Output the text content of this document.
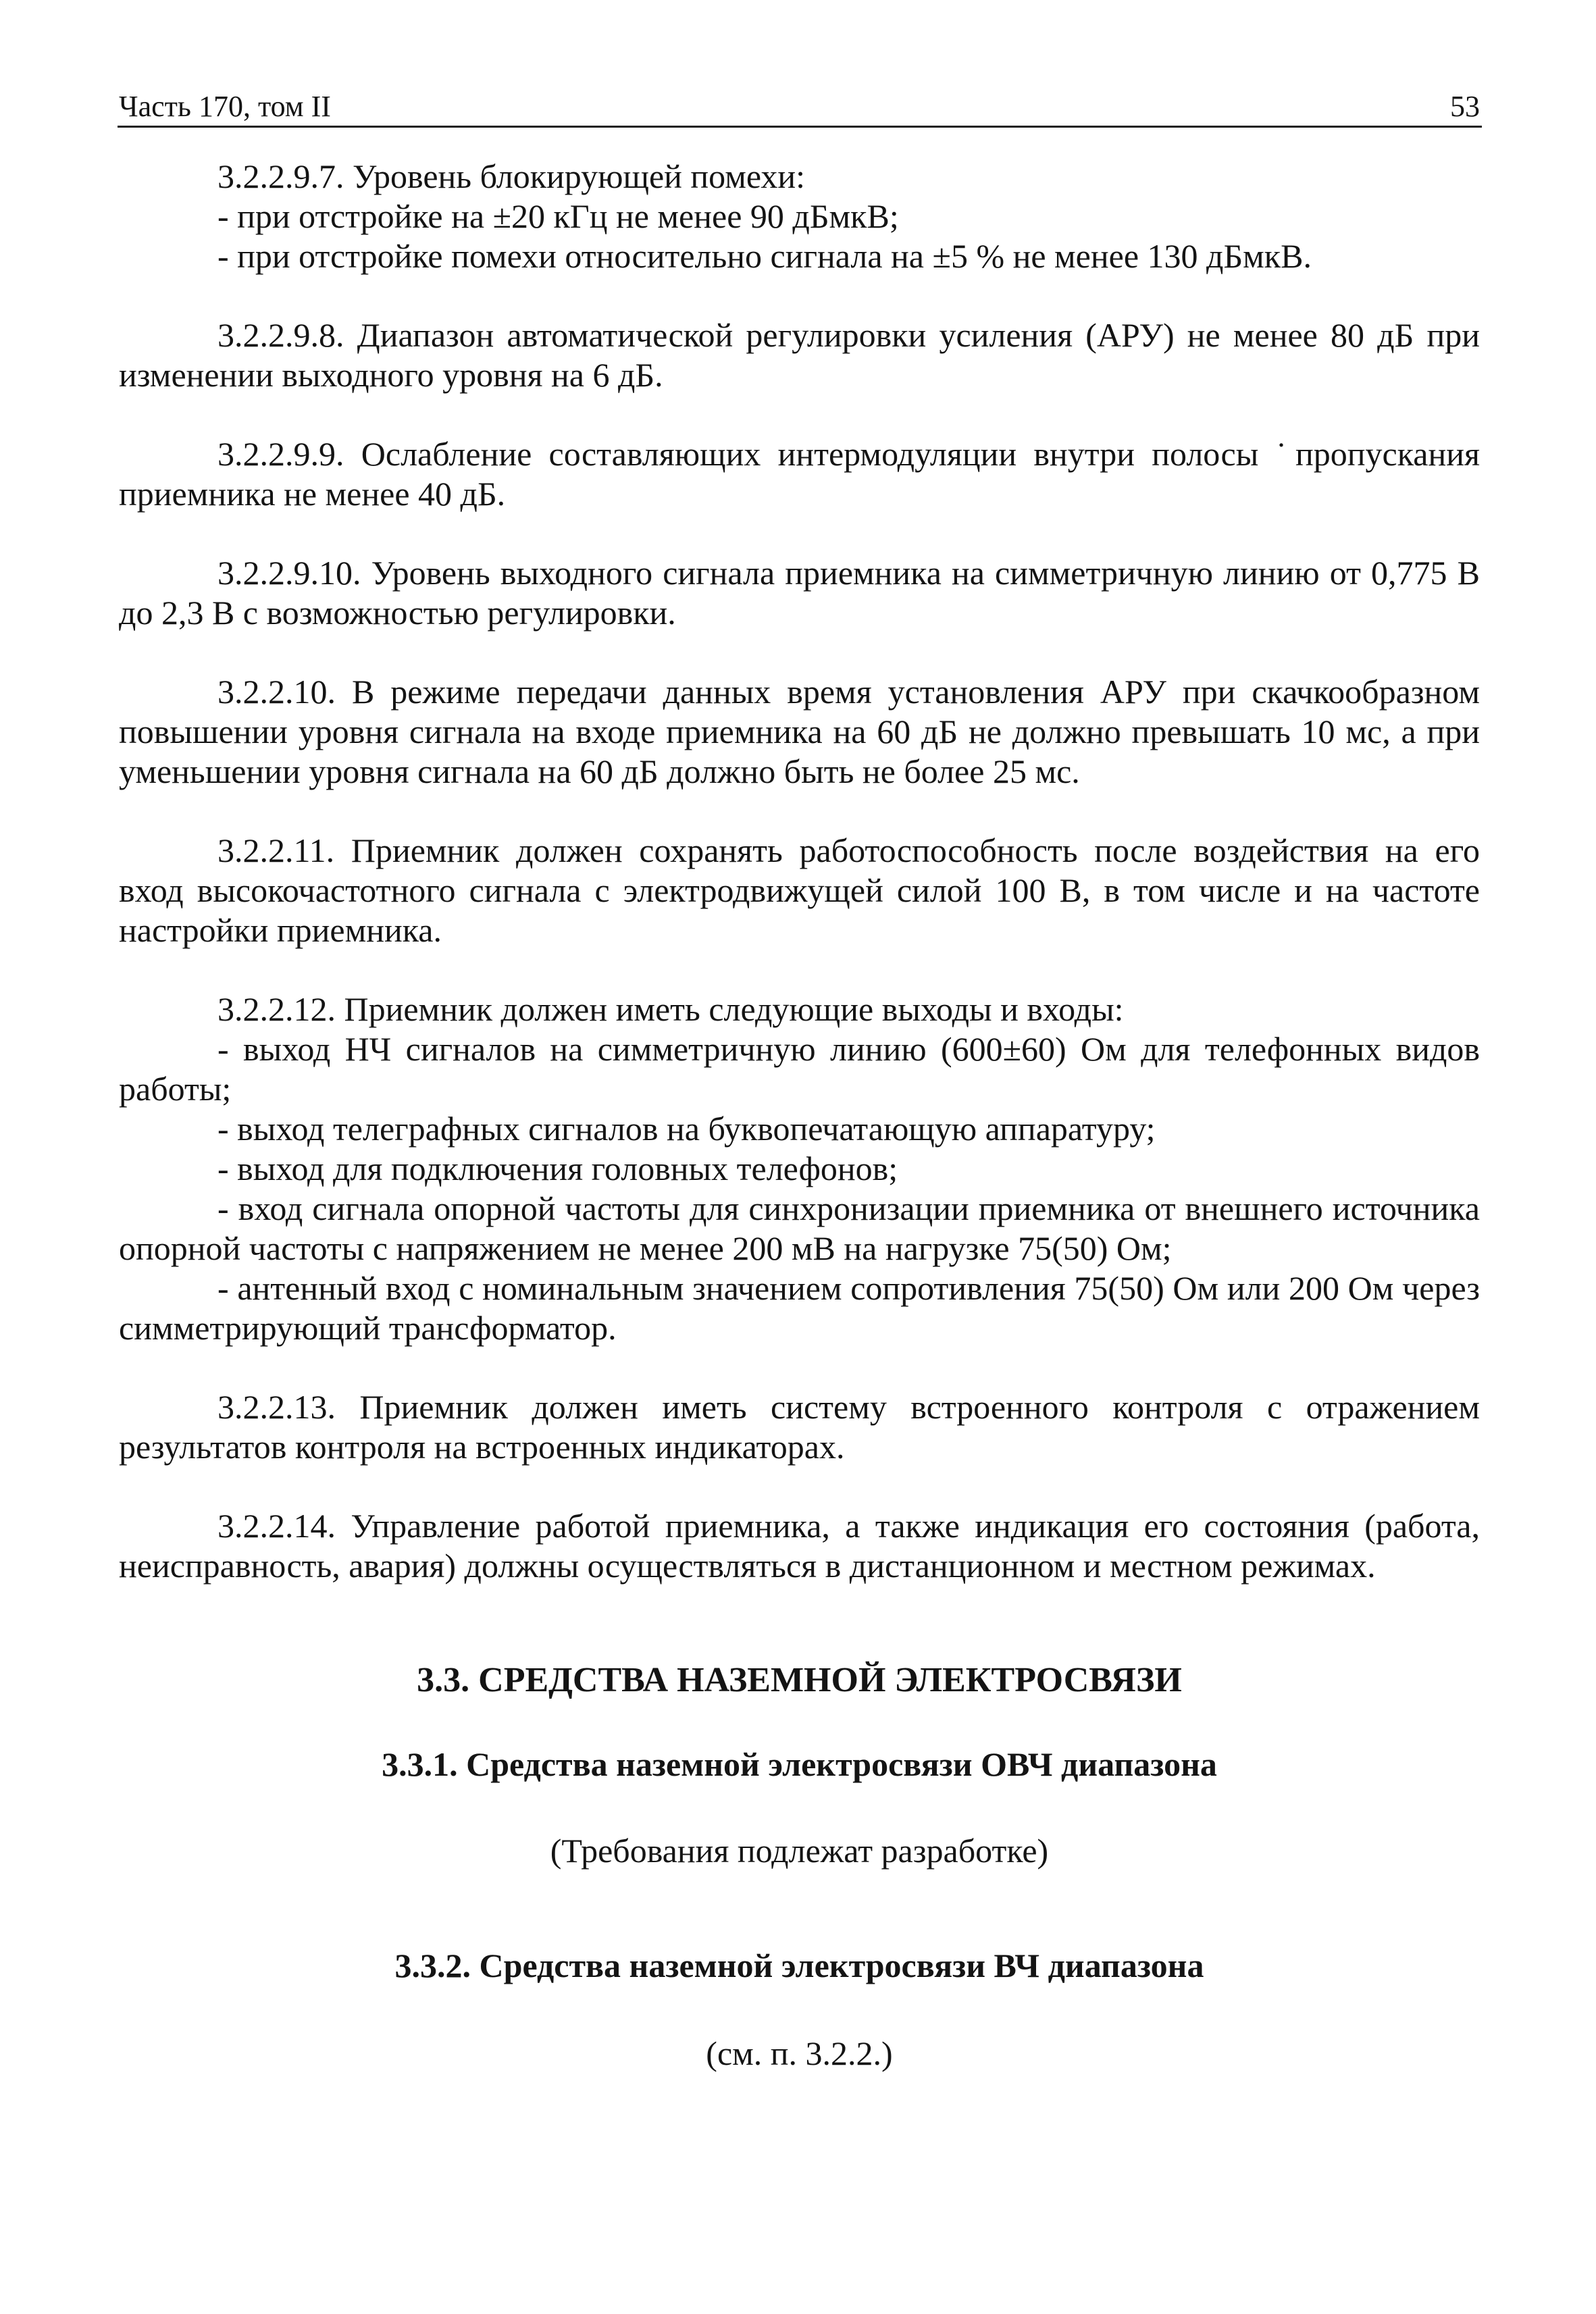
Часть 170, том II	53
3.2.2.9.7. Уровень блокирующей помехи:
- при отстройке на ±20 кГц не менее 90 дБмкВ;
- при отстройке помехи относительно сигнала на ±5 % не менее 130 дБмкВ.
3.2.2.9.8. Диапазон автоматической регулировки усиления (АРУ) не менее 80 дБ при изменении выходного уровня на 6 дБ.
3.2.2.9.9. Ослабление составляющих интермодуляции внутри полосы ˙пропускания приемника не менее 40 дБ.
3.2.2.9.10. Уровень выходного сигнала приемника на симметричную линию от 0,775 В до 2,3 В с возможностью регулировки.
3.2.2.10. В режиме передачи данных время установления АРУ при скачкообразном повышении уровня сигнала на входе приемника на 60 дБ не должно превышать 10 мс, а при уменьшении уровня сигнала на 60 дБ должно быть не более 25 мс.
3.2.2.11. Приемник должен сохранять работоспособность после воздействия на его вход высокочастотного сигнала с электродвижущей силой 100 В, в том числе и на частоте настройки приемника.
3.2.2.12. Приемник должен иметь следующие выходы и входы:
- выход НЧ сигналов на симметричную линию (600±60) Ом для телефонных видов работы;
- выход телеграфных сигналов на буквопечатающую аппаратуру;
- выход для подключения головных телефонов;
- вход сигнала опорной частоты для синхронизации приемника от внешнего источника опорной частоты с напряжением не менее 200 мВ на нагрузке 75(50) Ом;
- антенный вход с номинальным значением сопротивления 75(50) Ом или 200 Ом через симметрирующий трансформатор.
3.2.2.13. Приемник должен иметь систему встроенного контроля с отражением результатов контроля на встроенных индикаторах.
3.2.2.14. Управление работой приемника, а также индикация его состояния (работа, неисправность, авария) должны осуществляться в дистанционном и местном режимах.
3.3. СРЕДСТВА НАЗЕМНОЙ ЭЛЕКТРОСВЯЗИ
3.3.1. Средства наземной электросвязи ОВЧ диапазона
(Требования подлежат разработке)
3.3.2. Средства наземной электросвязи ВЧ диапазона
(см. п. 3.2.2.)
